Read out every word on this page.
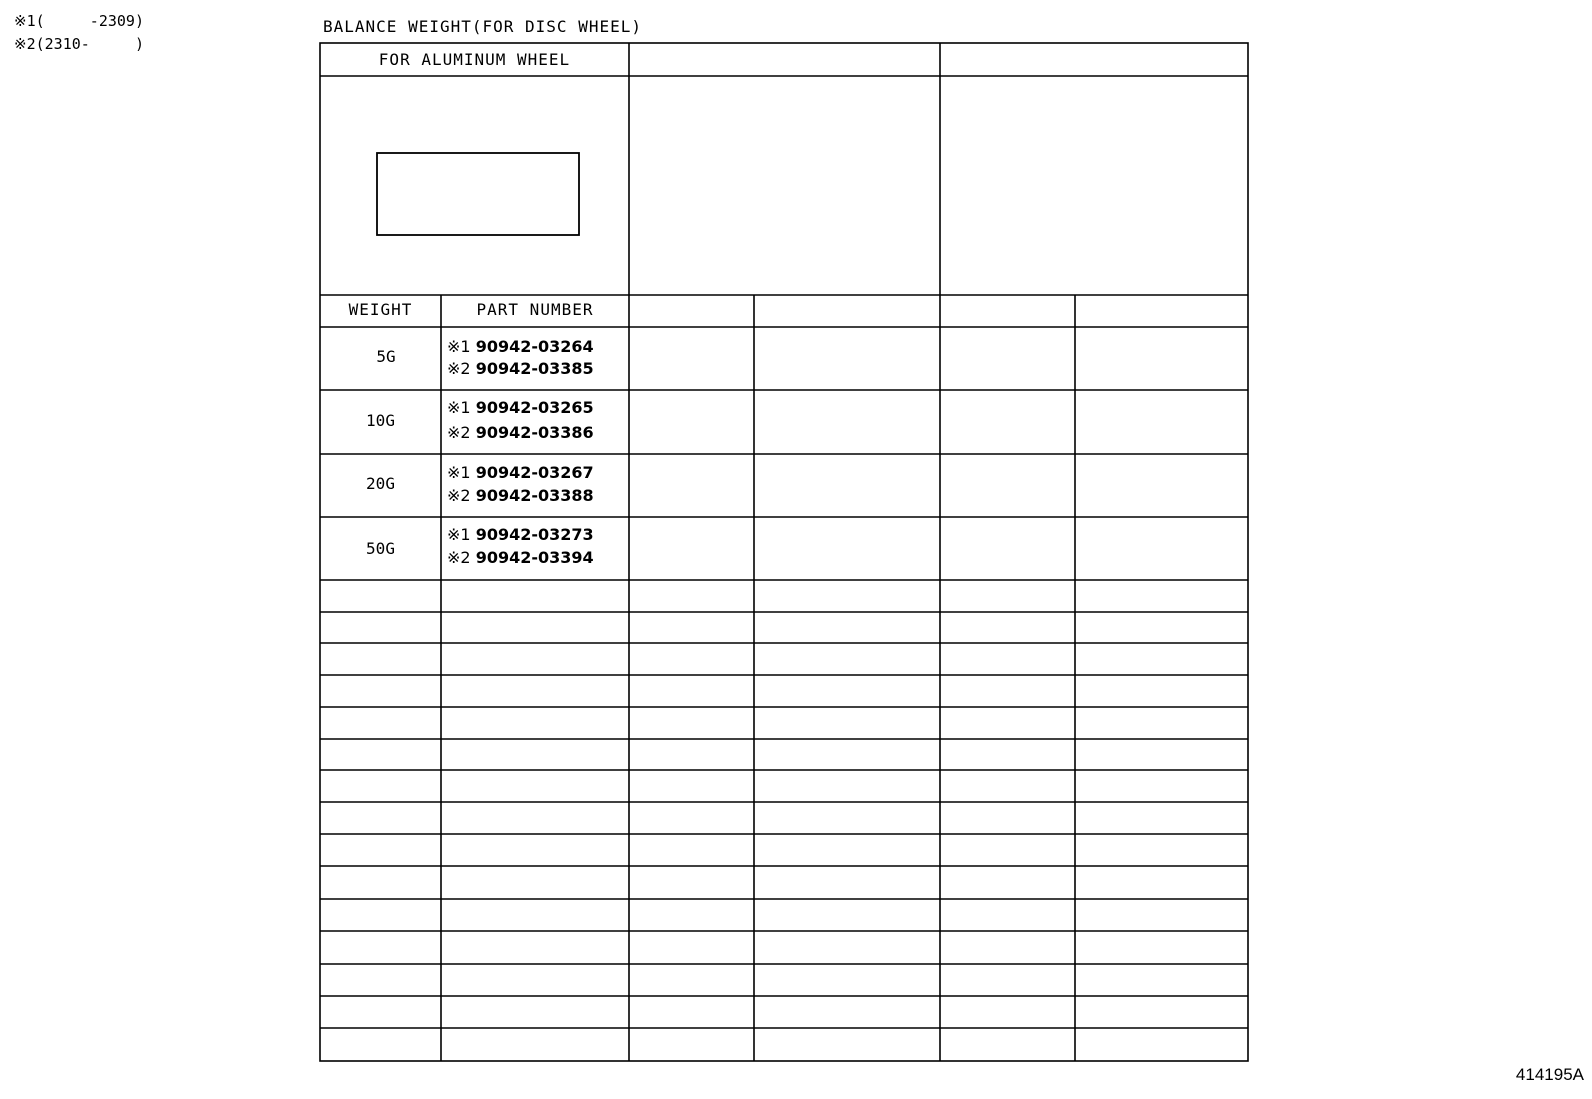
※1(     -2309)
※2(2310-     )
BALANCE WEIGHT(FOR DISC WHEEL)
FOR ALUMINUM WHEEL
WEIGHT	PART NUMBER
5G
※1 90942-03264
※2 90942-03385
10G
※1 90942-03265
※2 90942-03386
20G
※1 90942-03267
※2 90942-03388
50G
※1 90942-03273
※2 90942-03394
414195A
